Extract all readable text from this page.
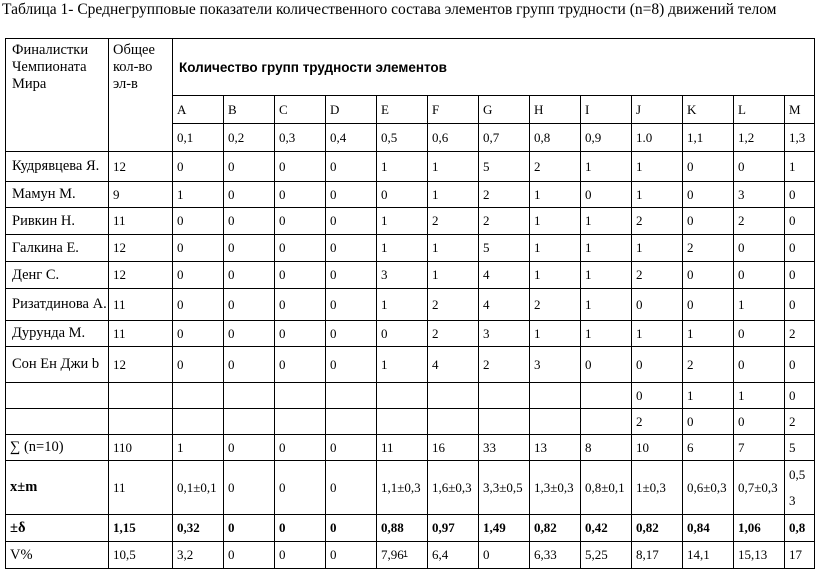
Таблица 1- Среднегрупповые показатели количественного состава элементов групп трудности (n=8) движений телом
Финалистки Чемпионата Мира	Общее кол-во эл-в	Количество групп трудности элементов												
		A	B	C	D	E	F	G	H	I	J	K	L	M
		0,1	0,2	0,3	0,4	0,5	0,6	0,7	0,8	0,9	1.0	1,1	1,2	1,3
Кудрявцева Я.	12	0	0	0	0	1	1	5	2	1	1	0	0	1
Мамун М.	9	1	0	0	0	0	1	2	1	0	1	0	3	0
Ривкин Н.	11	0	0	0	0	1	2	2	1	1	2	0	2	0
Галкина Е.	12	0	0	0	0	1	1	5	1	1	1	2	0	0
Денг С.	12	0	0	0	0	3	1	4	1	1	2	0	0	0
Ризатдинова А.	11	0	0	0	0	1	2	4	2	1	0	0	1	0
Дурунда М.	11	0	0	0	0	0	2	3	1	1	1	1	0	2
Сон Ен Джи b	12	0	0	0	0	1	4	2	3	0	0	2	0	0
											0	1	1	0
											2	0	0	2
∑ (n=10)	110	1	0	0	0	11	16	33	13	8	10	6	7	5
x±m	11	0,1±0,1	0	0	0	1,1±0,3	1,6±0,3	3,3±0,5	1,3±0,3	0,8±0,1	1±0,3	0,6±0,3	0,7±0,3	0,5 3
±δ	1,15	0,32	0	0	0	0,88	0,97	1,49	0,82	0,42	0,82	0,84	1,06	0,8
V%	10,5	3,2	0	0	0	7,96	6,4	0	6,33	5,25	8,17	14,1	15,13	17
1
